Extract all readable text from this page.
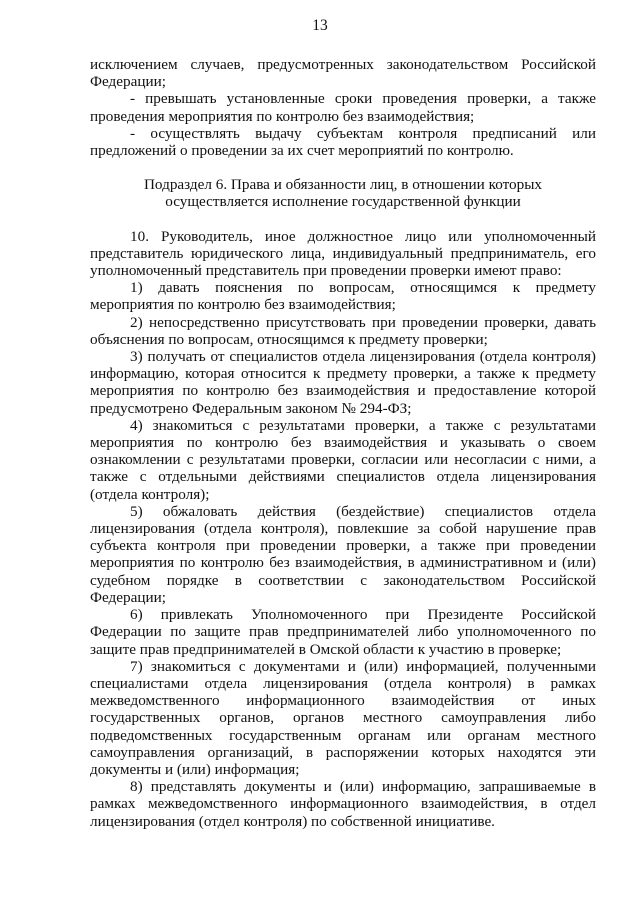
13

исключением случаев, предусмотренных законодательством Российской Федерации;

- превышать установленные сроки проведения проверки, а также проведения мероприятия по контролю без взаимодействия;

- осуществлять выдачу субъектам контроля предписаний или предложений о проведении за их счет мероприятий по контролю.

Подраздел 6. Права и обязанности лиц, в отношении которых осуществляется исполнение государственной функции

10. Руководитель, иное должностное лицо или уполномоченный представитель юридического лица, индивидуальный предприниматель, его уполномоченный представитель при проведении проверки имеют право:

1) давать пояснения по вопросам, относящимся к предмету мероприятия по контролю без взаимодействия;

2) непосредственно присутствовать при проведении проверки, давать объяснения по вопросам, относящимся к предмету проверки;

3) получать от специалистов отдела лицензирования (отдела контроля) информацию, которая относится к предмету проверки, а также к предмету мероприятия по контролю без взаимодействия и предоставление которой предусмотрено Федеральным законом № 294-ФЗ;

4) знакомиться с результатами проверки, а также с результатами мероприятия по контролю без взаимодействия и указывать о своем ознакомлении с результатами проверки, согласии или несогласии с ними, а также с отдельными действиями специалистов отдела лицензирования (отдела контроля);

5) обжаловать действия (бездействие) специалистов отдела лицензирования (отдела контроля), повлекшие за собой нарушение прав субъекта контроля при проведении проверки, а также при проведении мероприятия по контролю без взаимодействия, в административном и (или) судебном порядке в соответствии с законодательством Российской Федерации;

6) привлекать Уполномоченного при Президенте Российской Федерации по защите прав предпринимателей либо уполномоченного по защите прав предпринимателей в Омской области к участию в проверке;

7) знакомиться с документами и (или) информацией, полученными специалистами отдела лицензирования (отдела контроля) в рамках межведомственного информационного взаимодействия от иных государственных органов, органов местного самоуправления либо подведомственных государственным органам или органам местного самоуправления организаций, в распоряжении которых находятся эти документы и (или) информация;

8) представлять документы и (или) информацию, запрашиваемые в рамках межведомственного информационного взаимодействия, в отдел лицензирования (отдел контроля) по собственной инициативе.
